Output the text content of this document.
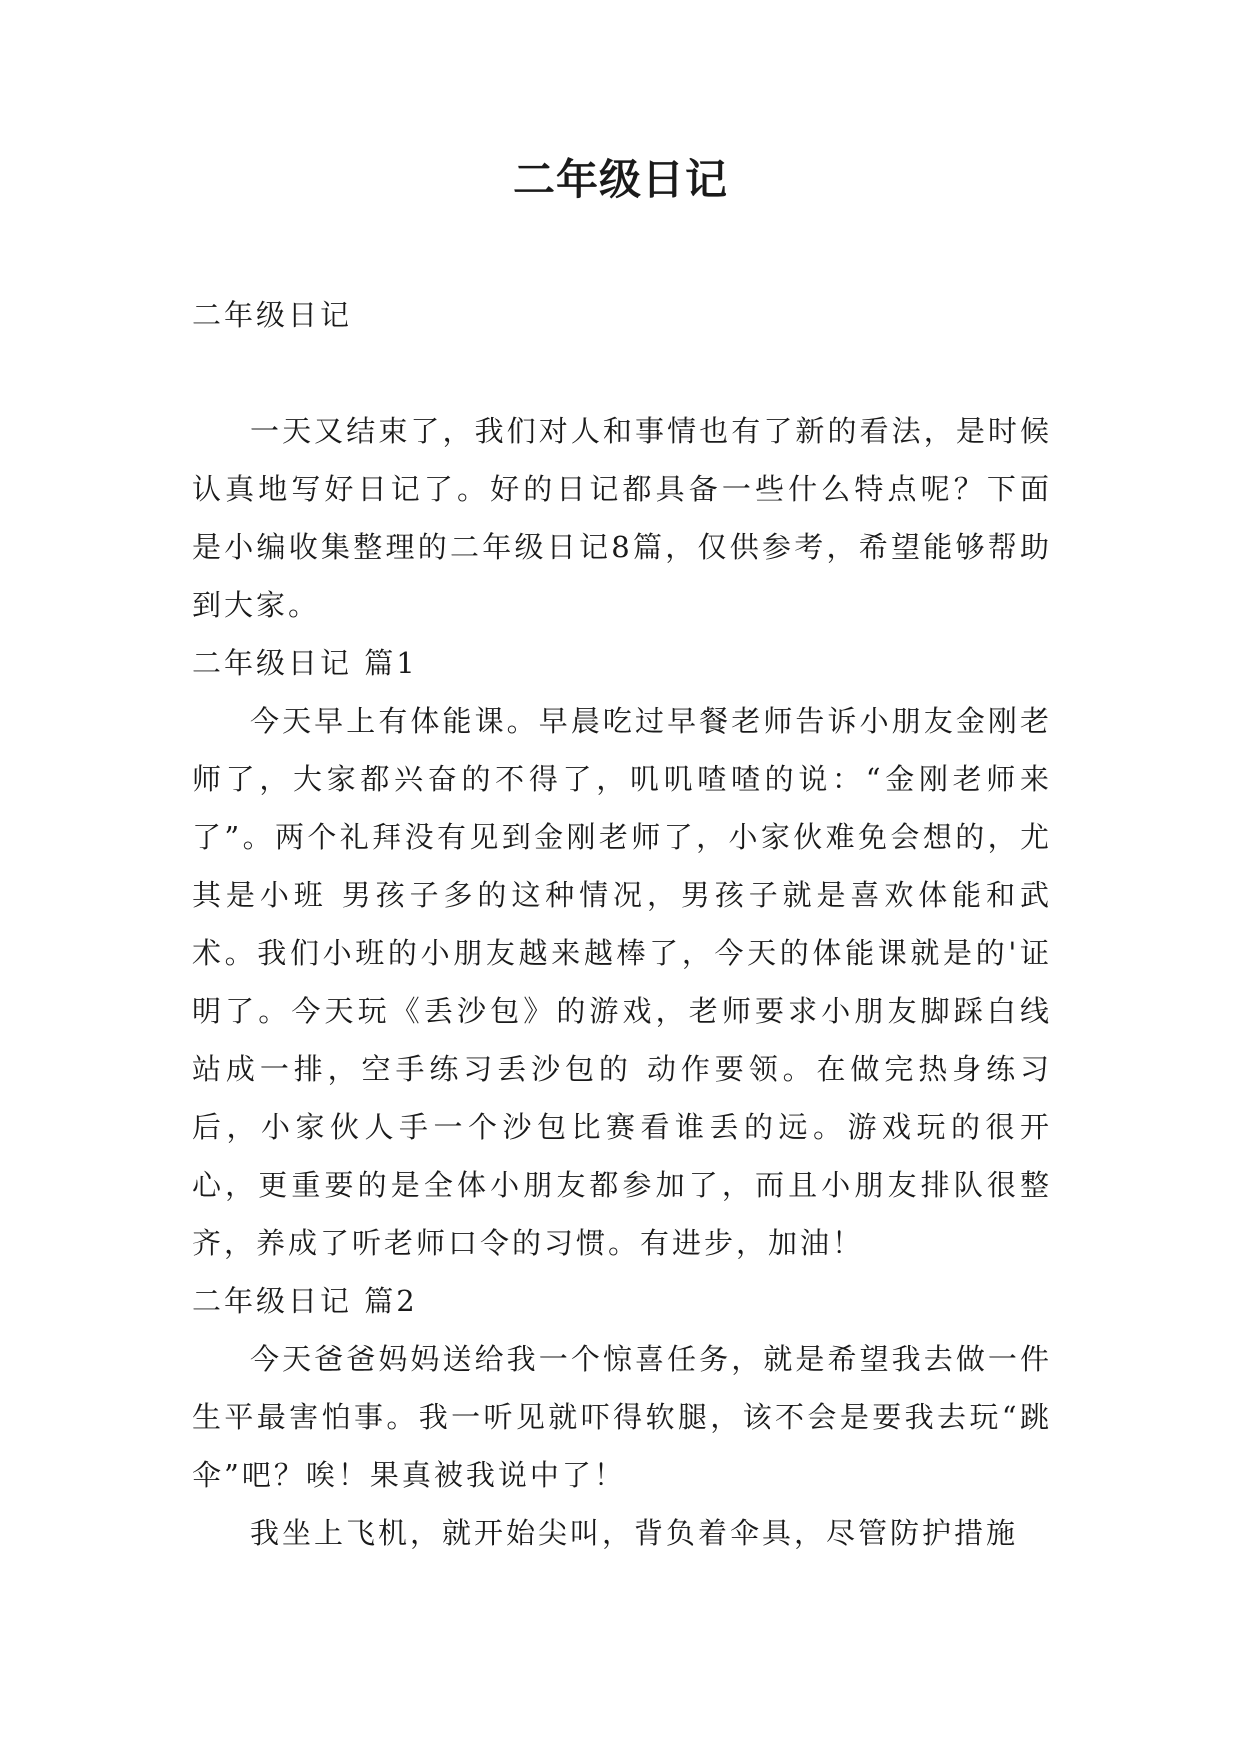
二年级日记

二年级日记

一天又结束了，我们对人和事情也有了新的看法，是时候认真地写好日记了。好的日记都具备一些什么特点呢？下面是小编收集整理的二年级日记8篇，仅供参考，希望能够帮助到大家。

二年级日记 篇1

今天早上有体能课。早晨吃过早餐老师告诉小朋友金刚老师了，大家都兴奋的不得了，叽叽喳喳的说：“金刚老师来了”。两个礼拜没有见到金刚老师了，小家伙难免会想的，尤其是小班 男孩子多的这种情况，男孩子就是喜欢体能和武术。我们小班的小朋友越来越棒了，今天的体能课就是的'证明了。今天玩《丢沙包》的游戏，老师要求小朋友脚踩白线站成一排，空手练习丢沙包的 动作要领。在做完热身练习后，小家伙人手一个沙包比赛看谁丢的远。游戏玩的很开心，更重要的是全体小朋友都参加了，而且小朋友排队很整齐，养成了听老师口令的习惯。有进步，加油！

二年级日记 篇2

今天爸爸妈妈送给我一个惊喜任务，就是希望我去做一件生平最害怕事。我一听见就吓得软腿，该不会是要我去玩“跳伞”吧？唉！果真被我说中了！

我坐上飞机，就开始尖叫，背负着伞具，尽管防护措施
